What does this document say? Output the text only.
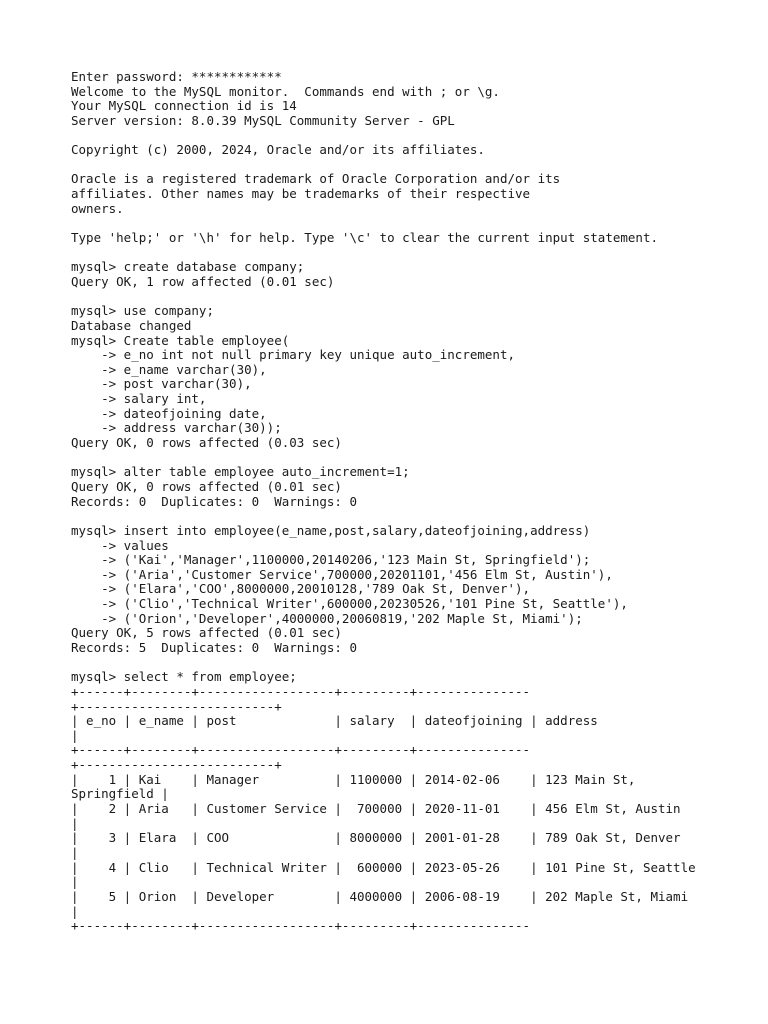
Enter password: ************
Welcome to the MySQL monitor.  Commands end with ; or \g.
Your MySQL connection id is 14
Server version: 8.0.39 MySQL Community Server - GPL
Copyright (c) 2000, 2024, Oracle and/or its affiliates.
Oracle is a registered trademark of Oracle Corporation and/or its
affiliates. Other names may be trademarks of their respective
owners.
Type 'help;' or '\h' for help. Type '\c' to clear the current input statement.
mysql> create database company;
Query OK, 1 row affected (0.01 sec)
mysql> use company;
Database changed
mysql> Create table employee(
-> e_no int not null primary key unique auto_increment,
-> e_name varchar(30),
-> post varchar(30),
-> salary int,
-> dateofjoining date,
-> address varchar(30));
Query OK, 0 rows affected (0.03 sec)
mysql> alter table employee auto_increment=1;
Query OK, 0 rows affected (0.01 sec)
Records: 0  Duplicates: 0  Warnings: 0
mysql> insert into employee(e_name,post,salary,dateofjoining,address)
-> values
-> ('Kai','Manager',1100000,20140206,'123 Main St, Springfield');
-> ('Aria','Customer Service',700000,20201101,'456 Elm St, Austin'),
-> ('Elara','COO',8000000,20010128,'789 Oak St, Denver'),
-> ('Clio','Technical Writer',600000,20230526,'101 Pine St, Seattle'),
-> ('Orion','Developer',4000000,20060819,'202 Maple St, Miami');
Query OK, 5 rows affected (0.01 sec)
Records: 5  Duplicates: 0  Warnings: 0
mysql> select * from employee;
+------+--------+------------------+---------+---------------
+--------------------------+
| e_no | e_name | post             | salary  | dateofjoining | address
|
+------+--------+------------------+---------+---------------
+--------------------------+
|    1 | Kai    | Manager          | 1100000 | 2014-02-06    | 123 Main St,
Springfield |
|    2 | Aria   | Customer Service |  700000 | 2020-11-01    | 456 Elm St, Austin
|
|    3 | Elara  | COO              | 8000000 | 2001-01-28    | 789 Oak St, Denver
|
|    4 | Clio   | Technical Writer |  600000 | 2023-05-26    | 101 Pine St, Seattle
|
|    5 | Orion  | Developer        | 4000000 | 2006-08-19    | 202 Maple St, Miami
|
+------+--------+------------------+---------+---------------
